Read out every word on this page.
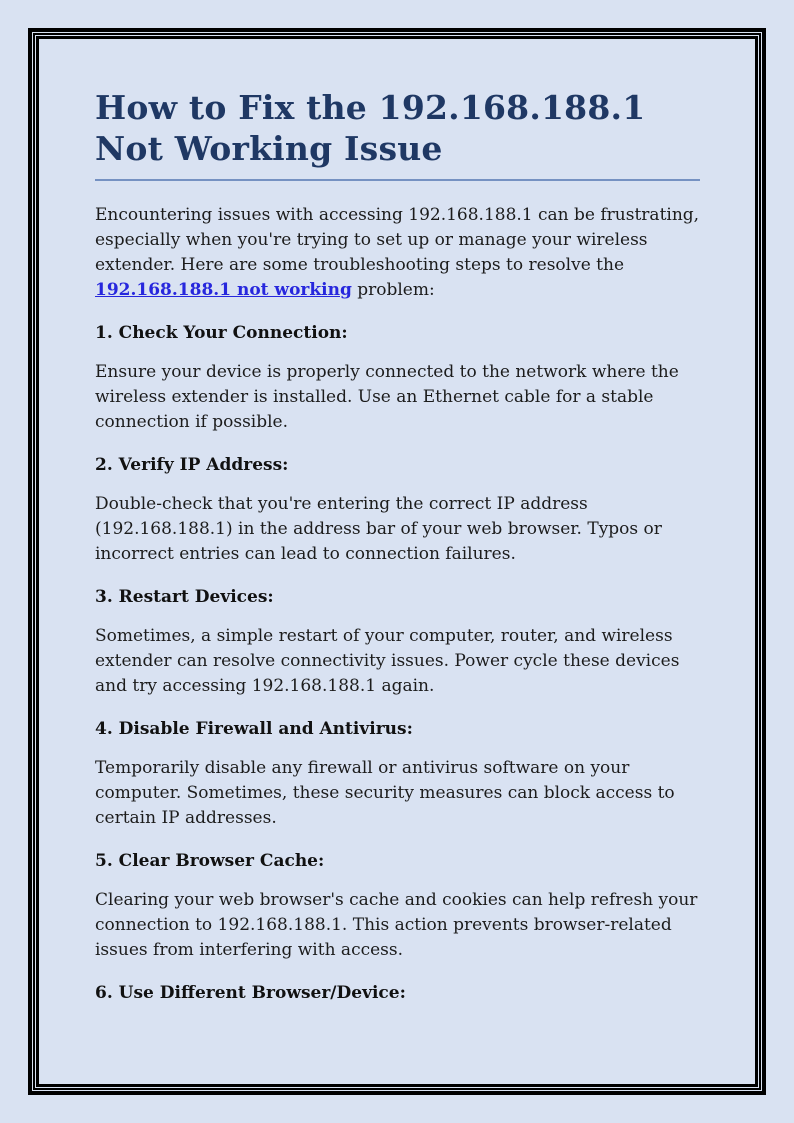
How to Fix the 192.168.188.1 Not Working Issue

Encountering issues with accessing 192.168.188.1 can be frustrating, especially when you're trying to set up or manage your wireless extender. Here are some troubleshooting steps to resolve the 192.168.188.1 not working problem:

1. Check Your Connection:

Ensure your device is properly connected to the network where the wireless extender is installed. Use an Ethernet cable for a stable connection if possible.

2. Verify IP Address:

Double-check that you're entering the correct IP address (192.168.188.1) in the address bar of your web browser. Typos or incorrect entries can lead to connection failures.

3. Restart Devices:

Sometimes, a simple restart of your computer, router, and wireless extender can resolve connectivity issues. Power cycle these devices and try accessing 192.168.188.1 again.

4. Disable Firewall and Antivirus:

Temporarily disable any firewall or antivirus software on your computer. Sometimes, these security measures can block access to certain IP addresses.

5. Clear Browser Cache:

Clearing your web browser's cache and cookies can help refresh your connection to 192.168.188.1. This action prevents browser-related issues from interfering with access.

6. Use Different Browser/Device:
